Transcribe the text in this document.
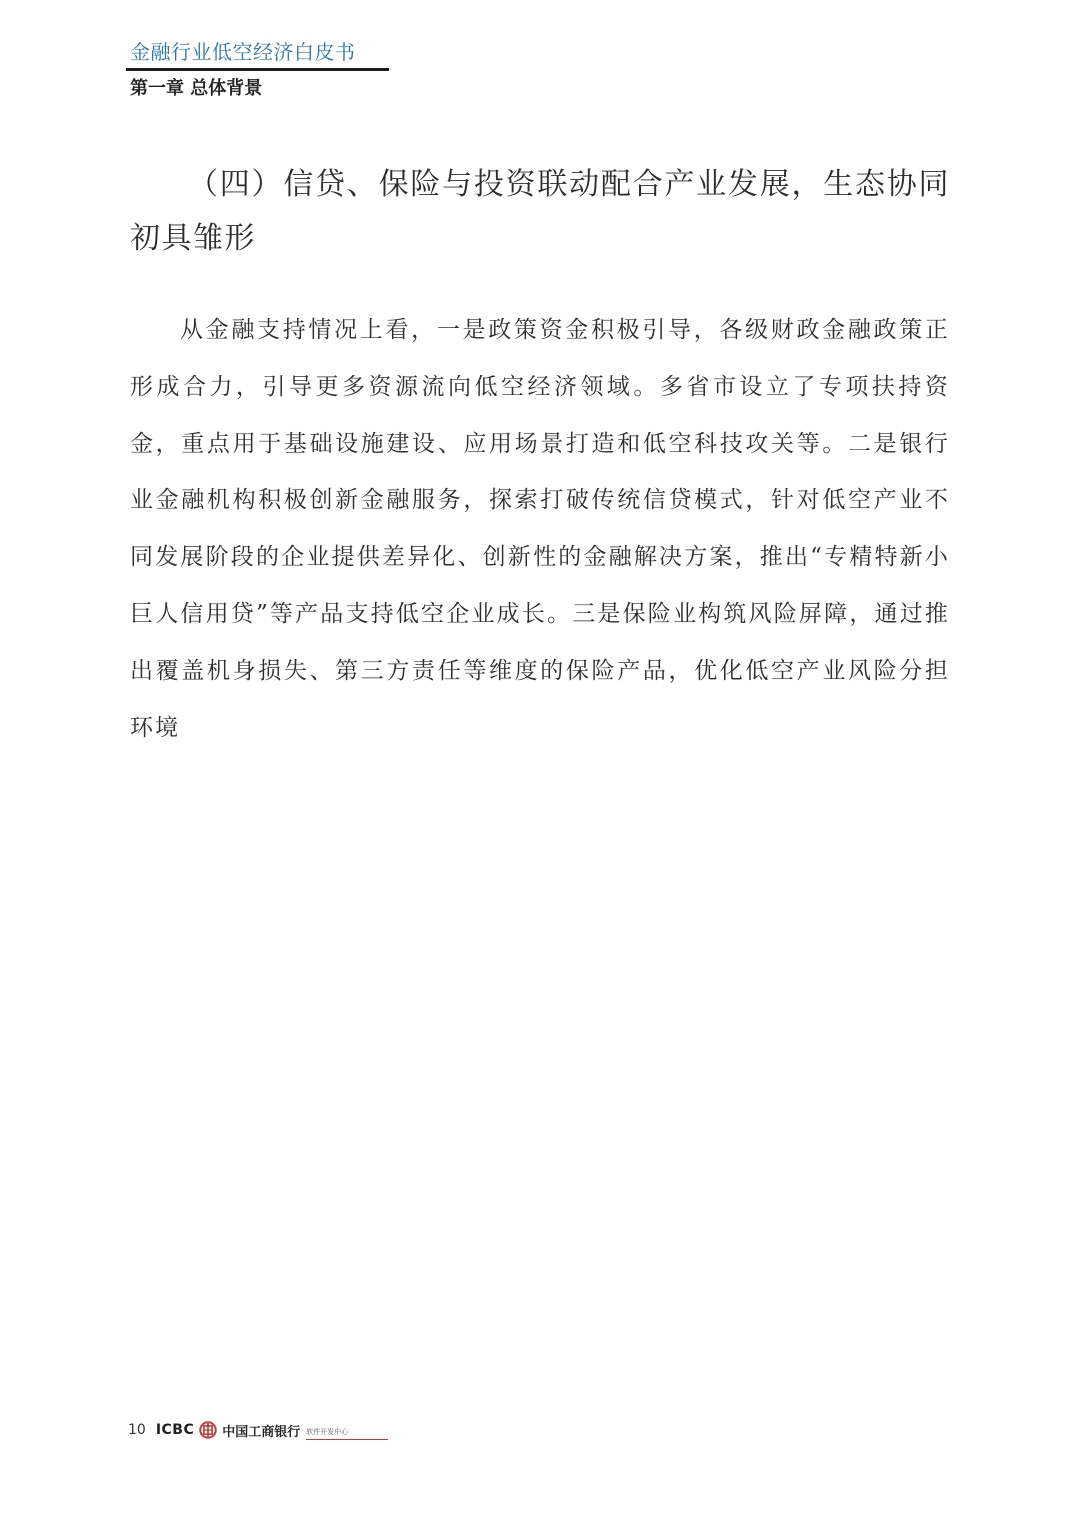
金融行业低空经济白皮书
第一章 总体背景
（四）信贷、保险与投资联动配合产业发展，生态协同初具雏形

从金融支持情况上看，一是政策资金积极引导，各级财政金融政策正形成合力，引导更多资源流向低空经济领域。多省市设立了专项扶持资金，重点用于基础设施建设、应用场景打造和低空科技攻关等。二是银行业金融机构积极创新金融服务，探索打破传统信贷模式，针对低空产业不同发展阶段的企业提供差异化、创新性的金融解决方案，推出“专精特新小巨人信用贷”等产品支持低空企业成长。三是保险业构筑风险屏障，通过推出覆盖机身损失、第三方责任等维度的保险产品，优化低空产业风险分担环境

10 ICBC 中国工商银行 软件开发中心
